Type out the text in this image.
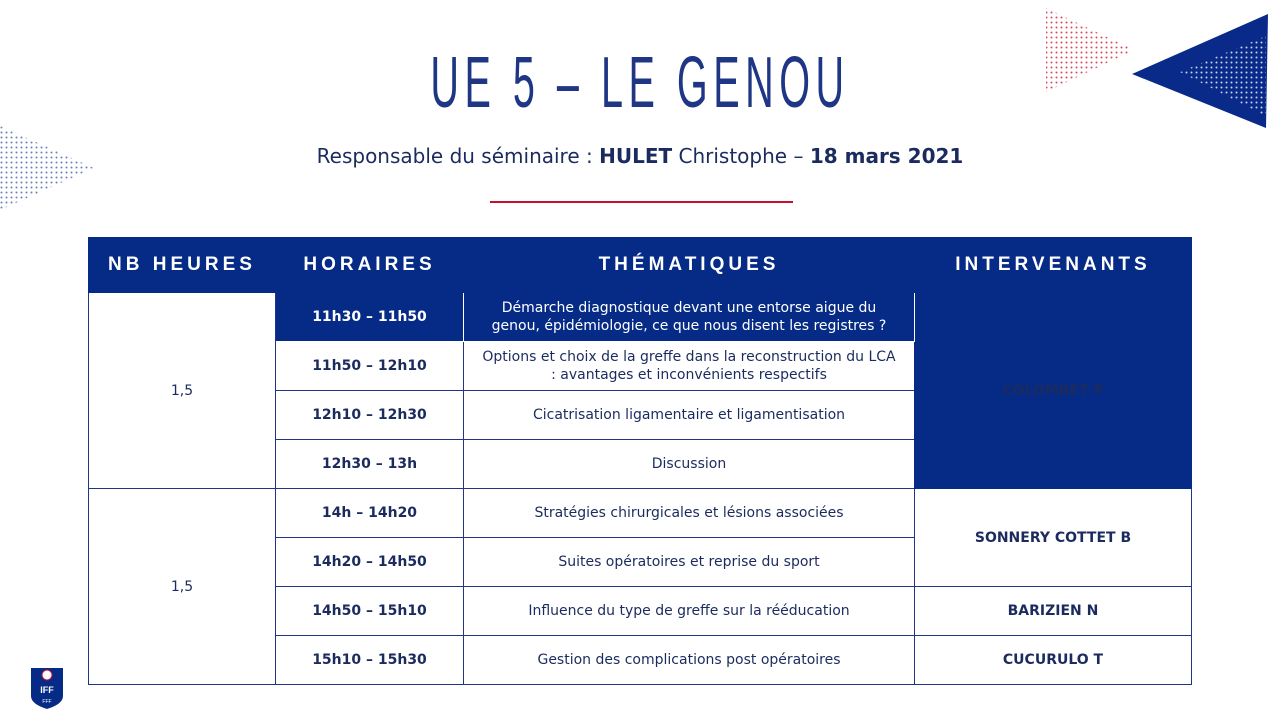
UE 5 – LE GENOU
Responsable du séminaire : HULET Christophe – 18 mars 2021
NB HEURES	HORAIRES	THÉMATIQUES	INTERVENANTS
1,5	11h30 – 11h50	Démarche diagnostique devant une entorse aigue du genou, épidémiologie, ce que nous disent les registres ?	COLOMBET P
	11h50 – 12h10	Options et choix de la greffe dans la reconstruction du LCA : avantages et inconvénients respectifs	
	12h10 – 12h30	Cicatrisation ligamentaire et ligamentisation	
	12h30 – 13h	Discussion	
1,5	14h – 14h20	Stratégies chirurgicales et lésions associées	SONNERY COTTET B
	14h20 – 14h50	Suites opératoires et reprise du sport	
	14h50 – 15h10	Influence du type de greffe sur la rééducation	BARIZIEN N
	15h10 – 15h30	Gestion des complications post opératoires	CUCURULO T
IFF
FFF
